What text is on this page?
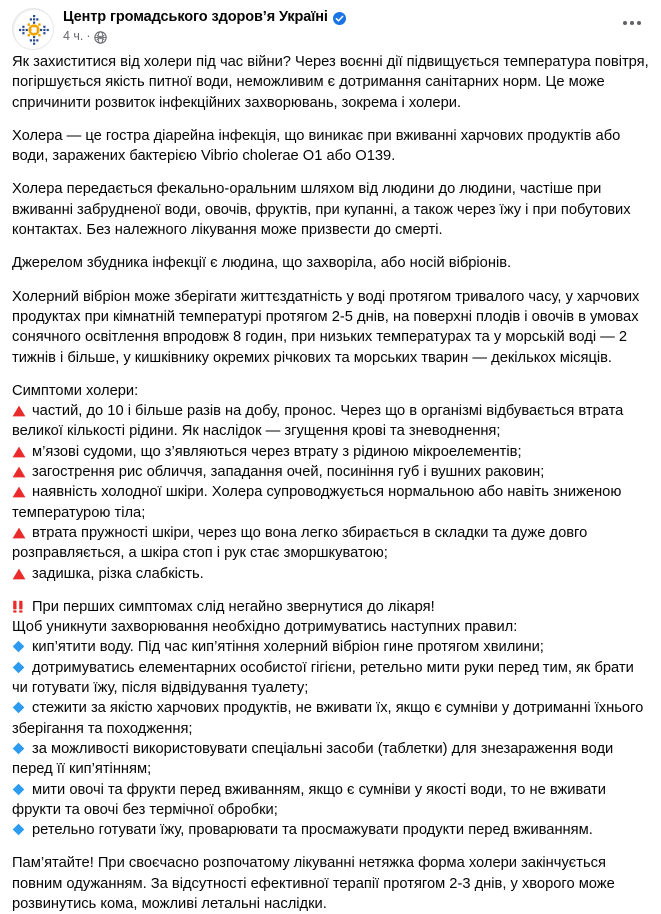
Центр громадського здоров’я Україні
4 ч. ·

Як захиститися від холери під час війни? Через воєнні дії підвищується температура повітря, погіршується якість питної води, неможливим є дотримання санітарних норм. Це може спричинити розвиток інфекційних захворювань, зокрема і холери.

Холера — це гостра діарейна інфекція, що виникає при вживанні харчових продуктів або води, заражених бактерією Vibrio cholerae O1 або O139.

Холера передається фекально-оральним шляхом від людини до людини, частіше при вживанні забрудненої води, овочів, фруктів, при купанні, а також через їжу і при побутових контактах. Без належного лікування може призвести до смерті.

Джерелом збудника інфекції є людина, що захворіла, або носій вібріонів.

Холерний вібріон може зберігати життєздатність у воді протягом тривалого часу, у харчових продуктах при кімнатній температурі протягом 2-5 днів, на поверхні плодів і овочів в умовах сонячного освітлення впродовж 8 годин, при низьких температурах та у морській воді — 2 тижнів і більше, у кишківнику окремих річкових та морських тварин — декількох місяців.

Симптоми холери:
частий, до 10 і більше разів на добу, пронос. Через що в організмі відбувається втрата великої кількості рідини. Як наслідок — згущення крові та зневоднення;
м’язові судоми, що з’являються через втрату з рідиною мікроелементів;
загострення рис обличчя, западання очей, посиніння губ і вушних раковин;
наявність холодної шкіри. Холера супроводжується нормальною або навіть зниженою температурою тіла;
втрата пружності шкіри, через що вона легко збирається в складки та дуже довго розправляється, а шкіра стоп і рук стає зморшкуватою;
задишка, різка слабкість.
При перших симптомах слід негайно звернутися до лікаря!
Щоб уникнути захворювання необхідно дотримуватись наступних правил:
кип’ятити воду. Під час кип’ятіння холерний вібріон гине протягом хвилини;
дотримуватись елементарних особистої гігієни, ретельно мити руки перед тим, як брати чи готувати їжу, після відвідування туалету;
стежити за якістю харчових продуктів, не вживати їх, якщо є сумніви у дотриманні їхнього зберігання та походження;
за можливості використовувати спеціальні засоби (таблетки) для знезараження води перед її кип’ятінням;
мити овочі та фрукти перед вживанням, якщо є сумніви у якості води, то не вживати фрукти та овочі без термічної обробки;
ретельно готувати їжу, проварювати та просмажувати продукти перед вживанням.

Пам’ятайте! При своєчасно розпочатому лікуванні нетяжка форма холери закінчується повним одужанням. За відсутності ефективної терапії протягом 2-3 днів, у хворого може розвинутись кома, можливі летальні наслідки.
